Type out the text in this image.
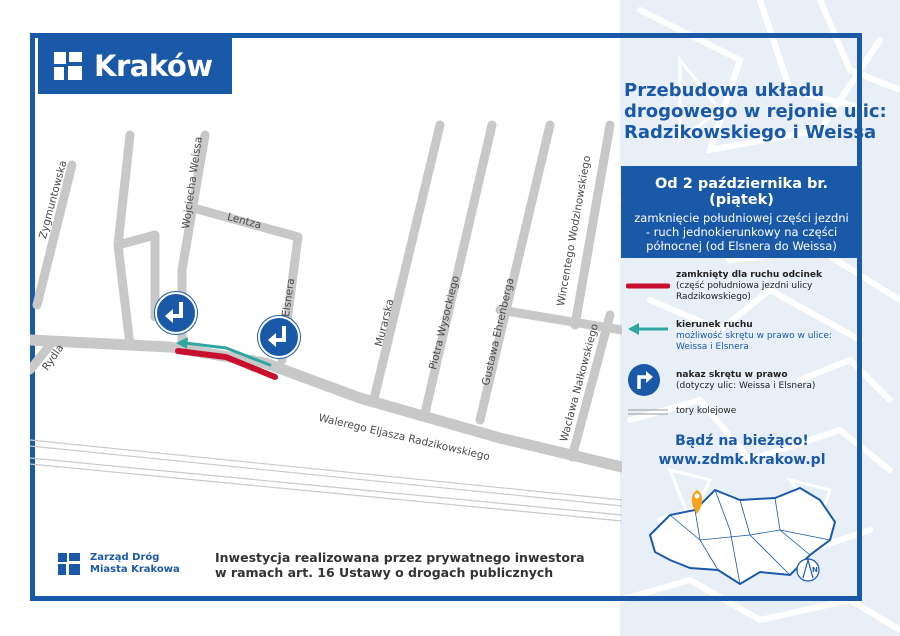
Kraków
Zygmuntowska	Wojciecha Weissa Lentza
Elsnera
Murarska	Piotra Wysockiego Gustawa Ehrenberga
Wincentego Wodzinowskiego
Wacława Nałkowskiego
Rydla
Walerego Eljasza Radzikowskiego
Przebudowa układu
drogowego w rejonie ulic:
Radzikowskiego i Weissa
Od 2 października br. (piątek)
zamknięcie południowej części jezdni
- ruch jednokierunkowy na części
północnej (od Elsnera do Weissa)
zamknięty dla ruchu odcinek
(część południowa jezdni ulicy
Radzikowskiego)
kierunek ruchu
możliwość skrętu w prawo w ulice:
Weissa i Elsnera
nakaz skrętu w prawo
(dotyczy ulic: Weissa i Elsnera)
tory kolejowe
Bądź na bieżąco!
www.zdmk.krakow.pl
N
Zarząd Dróg
Miasta Krakowa
Inwestycja realizowana przez prywatnego inwestora
w ramach art. 16 Ustawy o drogach publicznych
